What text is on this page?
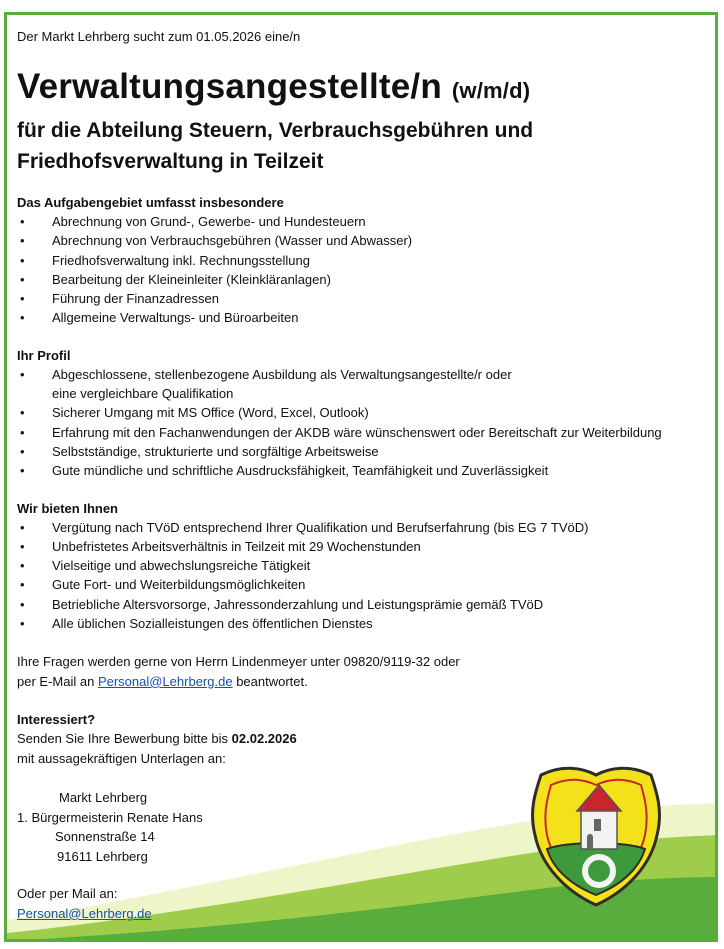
Der Markt Lehrberg sucht zum 01.05.2026 eine/n

Verwaltungsangestellte/n (w/m/d)
für die Abteilung Steuern, Verbrauchsgebühren und
Friedhofsverwaltung in Teilzeit

Das Aufgabengebiet umfasst insbesondere

• Abrechnung von Grund-, Gewerbe- und Hundesteuern
• Abrechnung von Verbrauchsgebühren (Wasser und Abwasser)
• Friedhofsverwaltung inkl. Rechnungsstellung
• Bearbeitung der Kleineinleiter (Kleinkläranlagen)
• Führung der Finanzadressen
• Allgemeine Verwaltungs- und Büroarbeiten

Ihr Profil

• Abgeschlossene, stellenbezogene Ausbildung als Verwaltungsangestellte/r oder
eine vergleichbare Qualifikation
• Sicherer Umgang mit MS Office (Word, Excel, Outlook)
• Erfahrung mit den Fachanwendungen der AKDB wäre wünschenswert oder Bereitschaft zur Weiterbildung
• Selbstständige, strukturierte und sorgfältige Arbeitsweise
• Gute mündliche und schriftliche Ausdrucksfähigkeit, Teamfähigkeit und Zuverlässigkeit

Wir bieten Ihnen

• Vergütung nach TVöD entsprechend Ihrer Qualifikation und Berufserfahrung (bis EG 7 TVöD)
• Unbefristetes Arbeitsverhältnis in Teilzeit mit 29 Wochenstunden
• Vielseitige und abwechslungsreiche Tätigkeit
• Gute Fort- und Weiterbildungsmöglichkeiten
• Betriebliche Altersvorsorge, Jahressonderzahlung und Leistungsprämie gemäß TVöD
• Alle üblichen Sozialleistungen des öffentlichen Dienstes

Ihre Fragen werden gerne von Herrn Lindenmeyer unter 09820/9119-32 oder

per E-Mail an Personal@Lehrberg.de beantwortet.

Interessiert?

Senden Sie Ihre Bewerbung bitte bis 02.02.2026

mit aussagekräftigen Unterlagen an:

Markt Lehrberg
1. Bürgermeisterin Renate Hans
Sonnenstraße 14
91611 Lehrberg

Oder per Mail an:

Personal@Lehrberg.de
